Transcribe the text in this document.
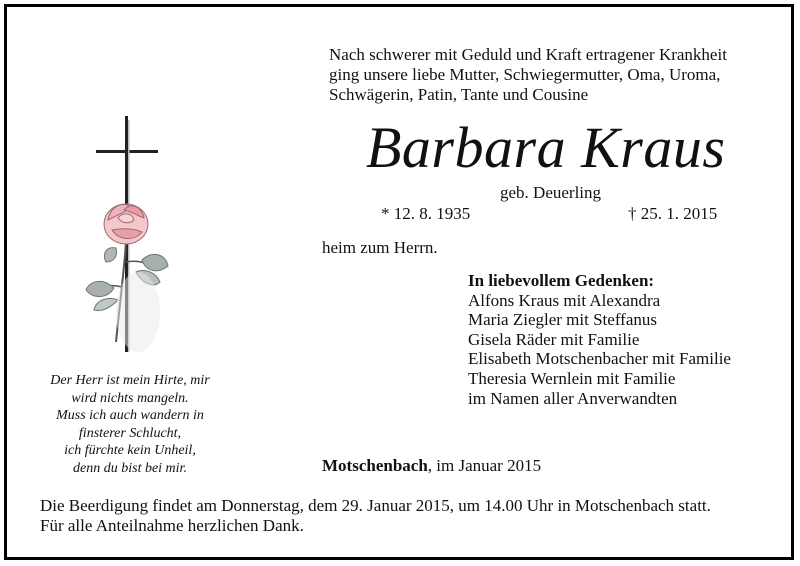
Nach schwerer mit Geduld und Kraft ertragener Krankheit
ging unsere liebe Mutter, Schwiegermutter, Oma, Uroma,
Schwägerin, Patin, Tante und Cousine
Barbara Kraus
geb. Deuerling
* 12. 8. 1935	† 25. 1. 2015
heim zum Herrn.
In liebevollem Gedenken:
Alfons Kraus mit Alexandra
Maria Ziegler mit Steffanus
Gisela Räder mit Familie
Elisabeth Motschenbacher mit Familie
Theresia Wernlein mit Familie
im Namen aller Anverwandten
Motschenbach, im Januar 2015
Der Herr ist mein Hirte, mir
wird nichts mangeln.
Muss ich auch wandern in
finsterer Schlucht,
ich fürchte kein Unheil,
denn du bist bei mir.
Die Beerdigung findet am Donnerstag, dem 29. Januar 2015, um 14.00 Uhr in Motschenbach statt.
Für alle Anteilnahme herzlichen Dank.
